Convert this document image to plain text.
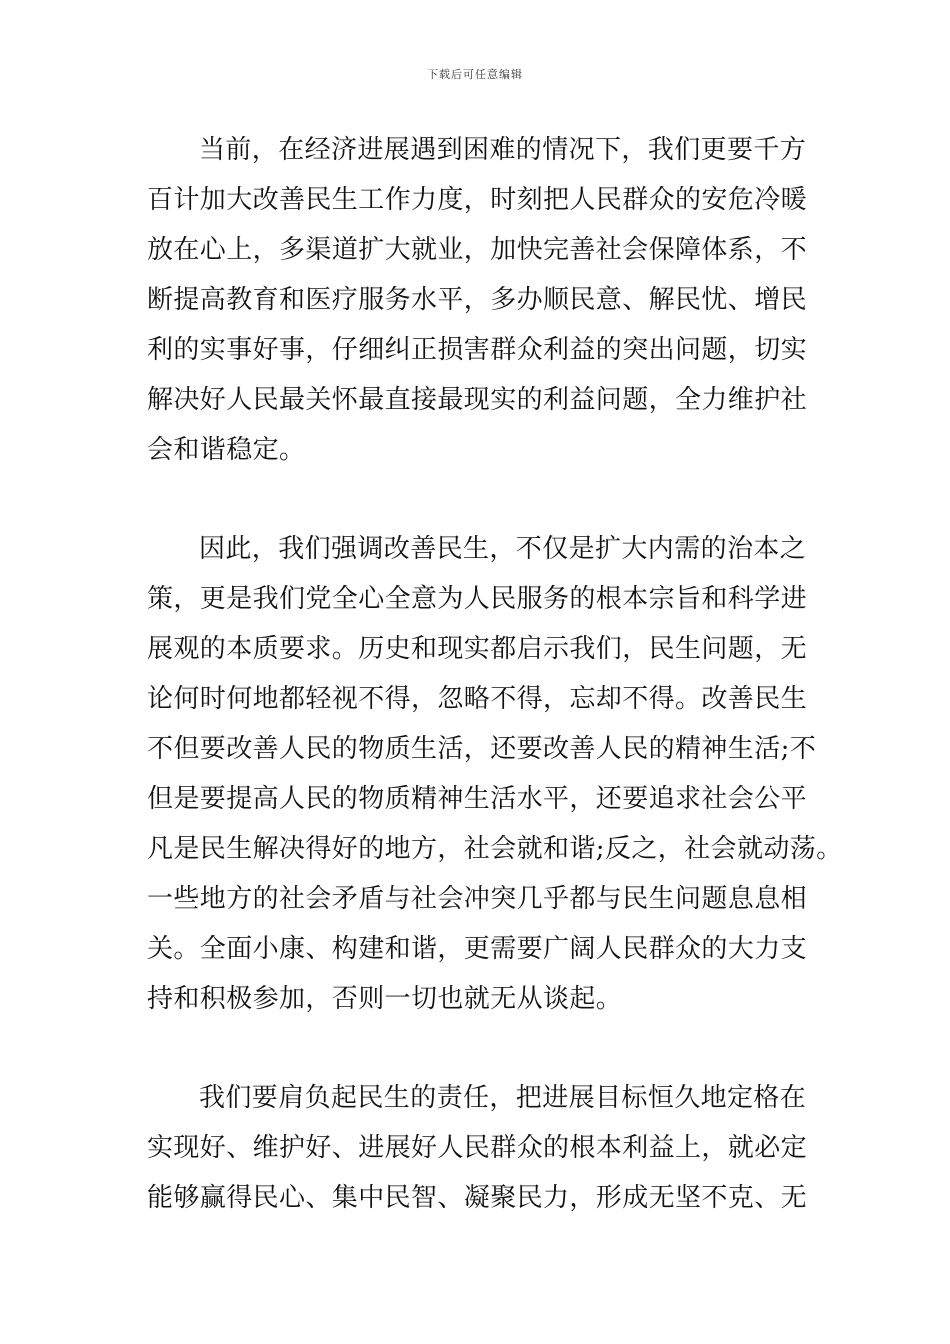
下载后可任意编辑
当前，在经济进展遇到困难的情况下，我们更要千方
百计加大改善民生工作力度，时刻把人民群众的安危冷暖
放在心上，多渠道扩大就业，加快完善社会保障体系，不
断提高教育和医疗服务水平，多办顺民意、解民忧、增民
利的实事好事，仔细纠正损害群众利益的突出问题，切实
解决好人民最关怀最直接最现实的利益问题，全力维护社
会和谐稳定。
因此，我们强调改善民生，不仅是扩大内需的治本之
策，更是我们党全心全意为人民服务的根本宗旨和科学进
展观的本质要求。历史和现实都启示我们，民生问题，无
论何时何地都轻视不得，忽略不得，忘却不得。改善民生
不但要改善人民的物质生活，还要改善人民的精神生活;不
但是要提高人民的物质精神生活水平，还要追求社会公平
凡是民生解决得好的地方，社会就和谐;反之，社会就动荡。
一些地方的社会矛盾与社会冲突几乎都与民生问题息息相
关。全面小康、构建和谐，更需要广阔人民群众的大力支
持和积极参加，否则一切也就无从谈起。
我们要肩负起民生的责任，把进展目标恒久地定格在
实现好、维护好、进展好人民群众的根本利益上，就必定
能够赢得民心、集中民智、凝聚民力，形成无坚不克、无
